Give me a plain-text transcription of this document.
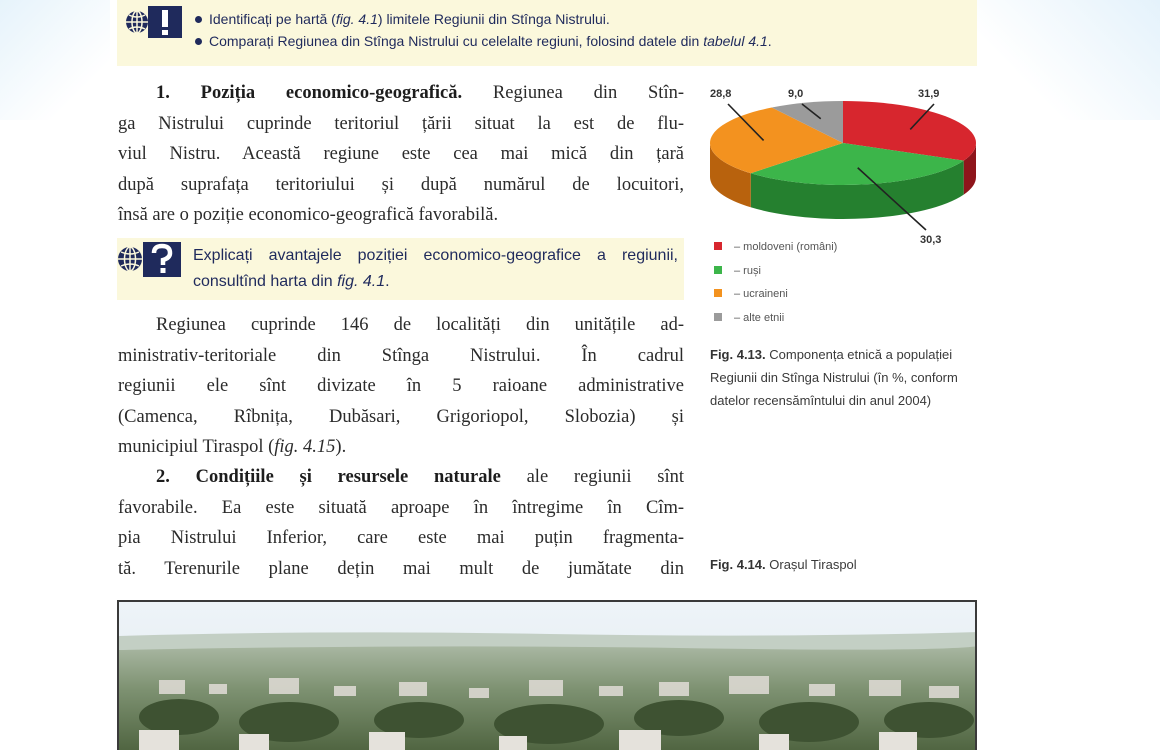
Identificați pe hartă (fig. 4.1) limitele Regiunii din Stînga Nistrului.
Comparați Regiunea din Stînga Nistrului cu celelalte regiuni, folosind datele din tabelul 4.1.
1. Poziția economico-geografică. Regiunea din Stîn-
ga Nistrului cuprinde teritoriul țării situat la est de flu-
viul Nistru. Această regiune este cea mai mică din țară
după suprafața teritoriului și după numărul de locuitori,
însă are o poziție economico-geografică favorabilă.

Explicați avantajele poziției economico-geografice a regiunii, consultînd harta din fig. 4.1.

Regiunea cuprinde 146 de localități din unitățile ad-
ministrativ-teritoriale din Stînga Nistrului. În cadrul
regiunii ele sînt divizate în 5 raioane administrative
(Camenca, Rîbnița, Dubăsari, Grigoriopol, Slobozia) și
municipiul Tiraspol (fig. 4.15).
2. Condițiile și resursele naturale ale regiunii sînt
favorabile. Ea este situată aproape în întregime în Cîm-
pia Nistrului Inferior, care este mai puțin fragmenta-
tă. Terenurile plane dețin mai mult de jumătate din
31,9
30,3
28,8	9,0
– moldoveni (români)
– ruși
– ucraineni
– alte etnii

Fig. 4.13. Componența etnică a populației Regiunii din Stînga Nistrului (în %, conform datelor recensămîntului din anul 2004)

Fig. 4.14. Orașul Tiraspol
